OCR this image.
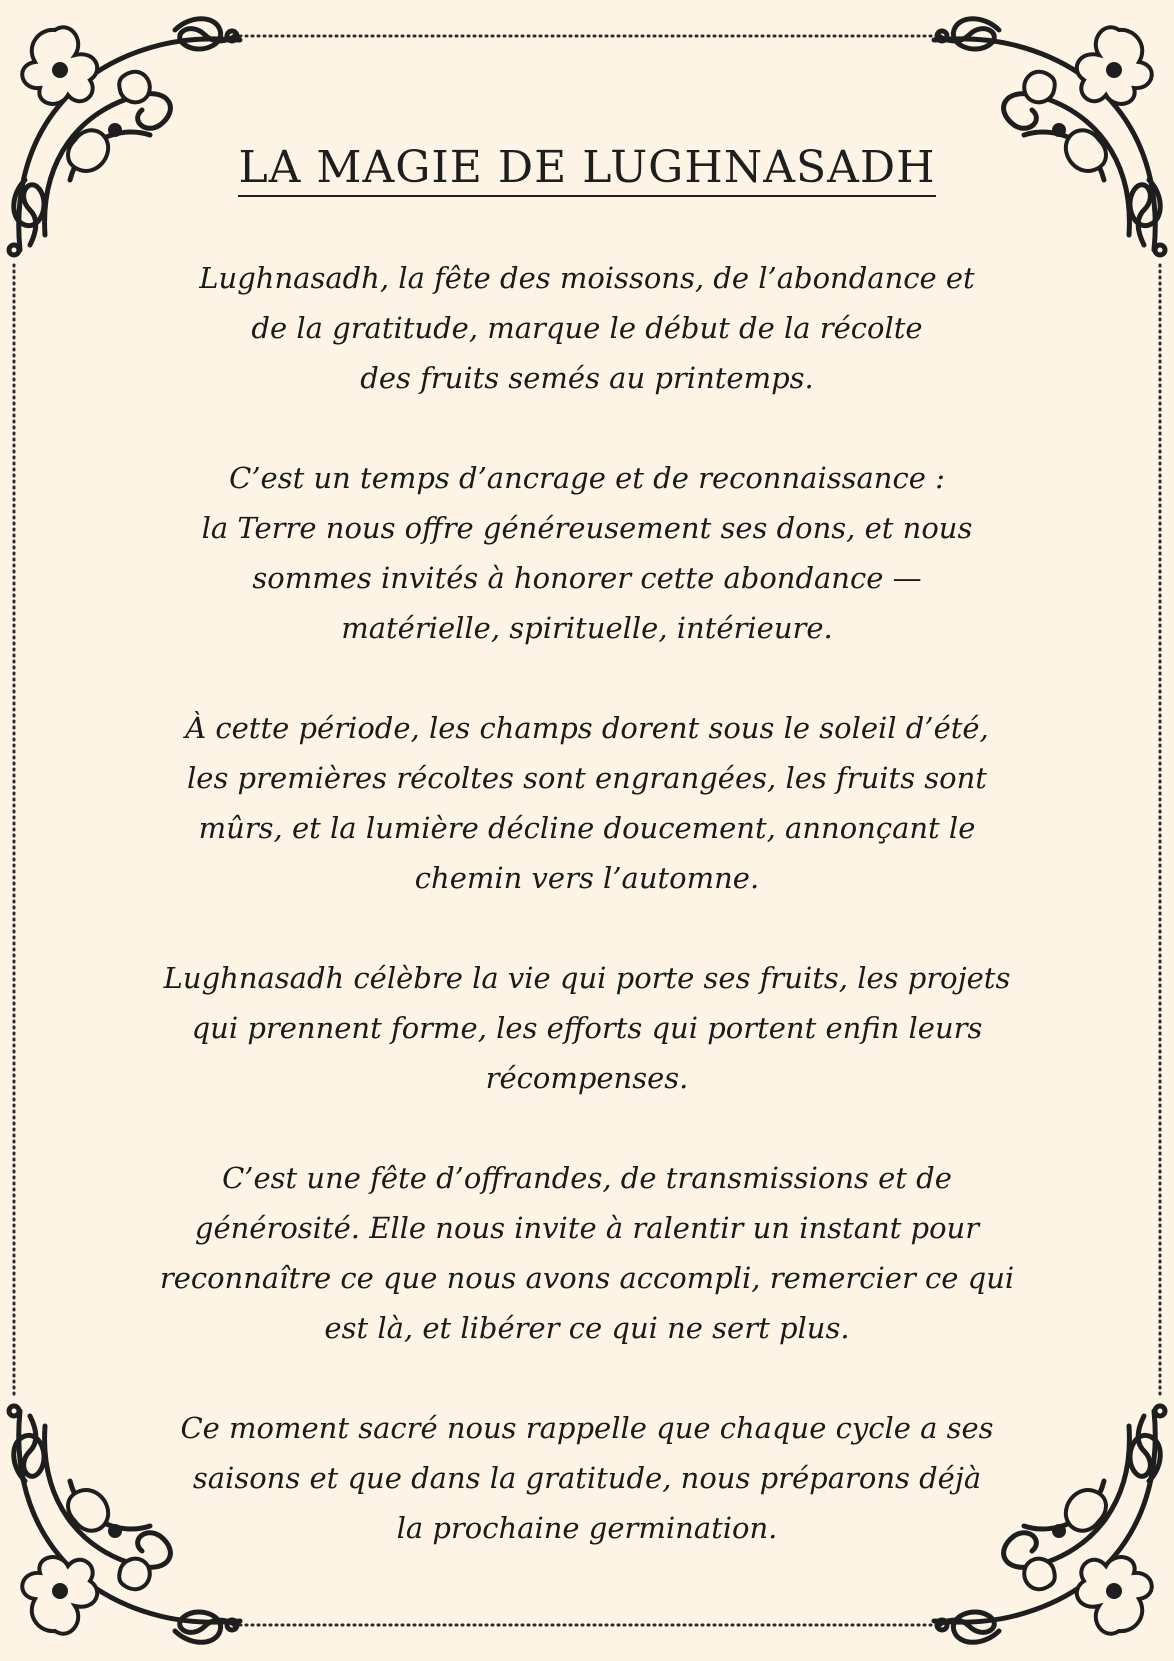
LA MAGIE DE LUGHNASADH

Lughnasadh, la fête des moissons, de l’abondance et
de la gratitude, marque le début de la récolte
des fruits semés au printemps.

C’est un temps d’ancrage et de reconnaissance :
la Terre nous offre généreusement ses dons, et nous
sommes invités à honorer cette abondance —
matérielle, spirituelle, intérieure.

À cette période, les champs dorent sous le soleil d’été,
les premières récoltes sont engrangées, les fruits sont
mûrs, et la lumière décline doucement, annonçant le
chemin vers l’automne.

Lughnasadh célèbre la vie qui porte ses fruits, les projets
qui prennent forme, les efforts qui portent enfin leurs
récompenses.

C’est une fête d’offrandes, de transmissions et de
générosité. Elle nous invite à ralentir un instant pour
reconnaître ce que nous avons accompli, remercier ce qui
est là, et libérer ce qui ne sert plus.

Ce moment sacré nous rappelle que chaque cycle a ses
saisons et que dans la gratitude, nous préparons déjà
la prochaine germination.
